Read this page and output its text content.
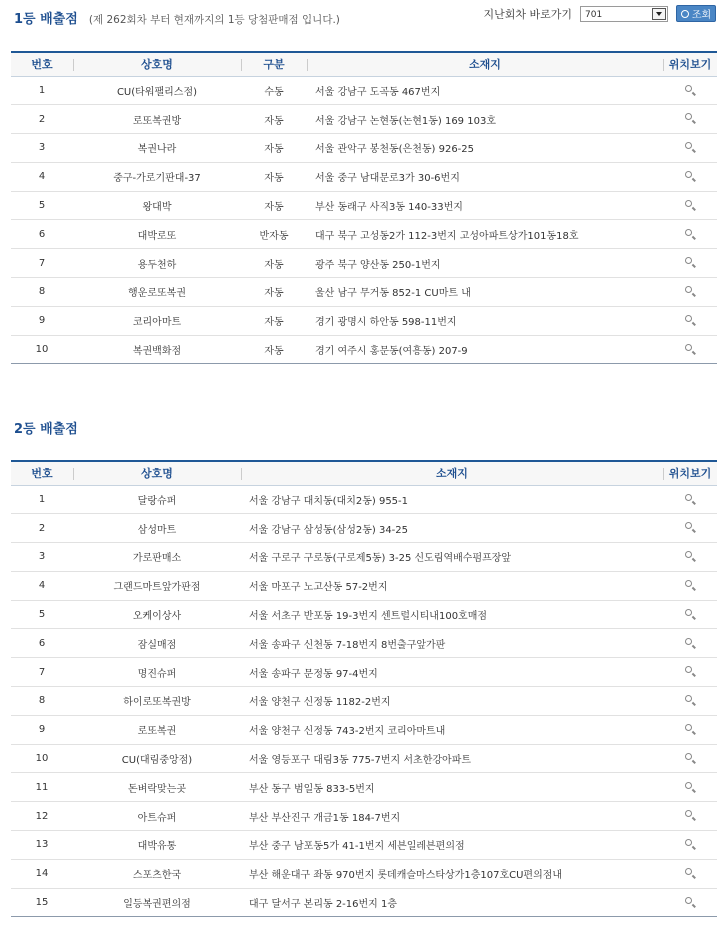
1등 배출점 (제 262회차 부터 현재까지의 1등 당첨판매점 입니다.)	지난회차 바로가기	701	조회
번호	상호명	구분	소재지	위치보기
1	CU(타워팰리스점)	수동	서울 강남구 도곡동 467번지	
2	로또복권방	자동	서울 강남구 논현동(논현1동) 169 103호	
3	복권나라	자동	서울 관악구 봉천동(은천동) 926-25	
4	중구-가로기판대-37	자동	서울 중구 남대문로3가 30-6번지	
5	왕대박	자동	부산 동래구 사직3동 140-33번지	
6	대박로또	반자동	대구 북구 고성동2가 112-3번지 고성아파트상가101동18호	
7	용두천하	자동	광주 북구 양산동 250-1번지	
8	행운로또복권	자동	울산 남구 무거동 852-1 CU마트 내	
9	코리아마트	자동	경기 광명시 하안동 598-11번지	
10	복권백화점	자동	경기 여주시 홍문동(여흥동) 207-9	
2등 배출점
번호	상호명	소재지	위치보기
1	달랑슈퍼	서울 강남구 대치동(대치2동) 955-1	
2	삼성마트	서울 강남구 삼성동(삼성2동) 34-25	
3	가로판매소	서울 구로구 구로동(구로제5동) 3-25 신도림역배수펌프장앞	
4	그랜드마트앞가판점	서울 마포구 노고산동 57-2번지	
5	오케이상사	서울 서초구 반포동 19-3번지 센트럴시티내100호매점	
6	잠실매점	서울 송파구 신천동 7-18번지 8번출구앞가판	
7	명진슈퍼	서울 송파구 문정동 97-4번지	
8	하이로또복권방	서울 양천구 신정동 1182-2번지	
9	로또복권	서울 양천구 신정동 743-2번지 코리아마트내	
10	CU(대림중앙점)	서울 영등포구 대림3동 775-7번지 서초한강아파트	
11	돈벼락맞는곳	부산 동구 범일동 833-5번지	
12	아트슈퍼	부산 부산진구 개금1동 184-7번지	
13	대박유통	부산 중구 남포동5가 41-1번지 세븐일레븐편의점	
14	스포츠한국	부산 해운대구 좌동 970번지 롯데캐슬마스타상가1층107호CU편의점내	
15	일등복권편의점	대구 달서구 본리동 2-16번지 1층	
